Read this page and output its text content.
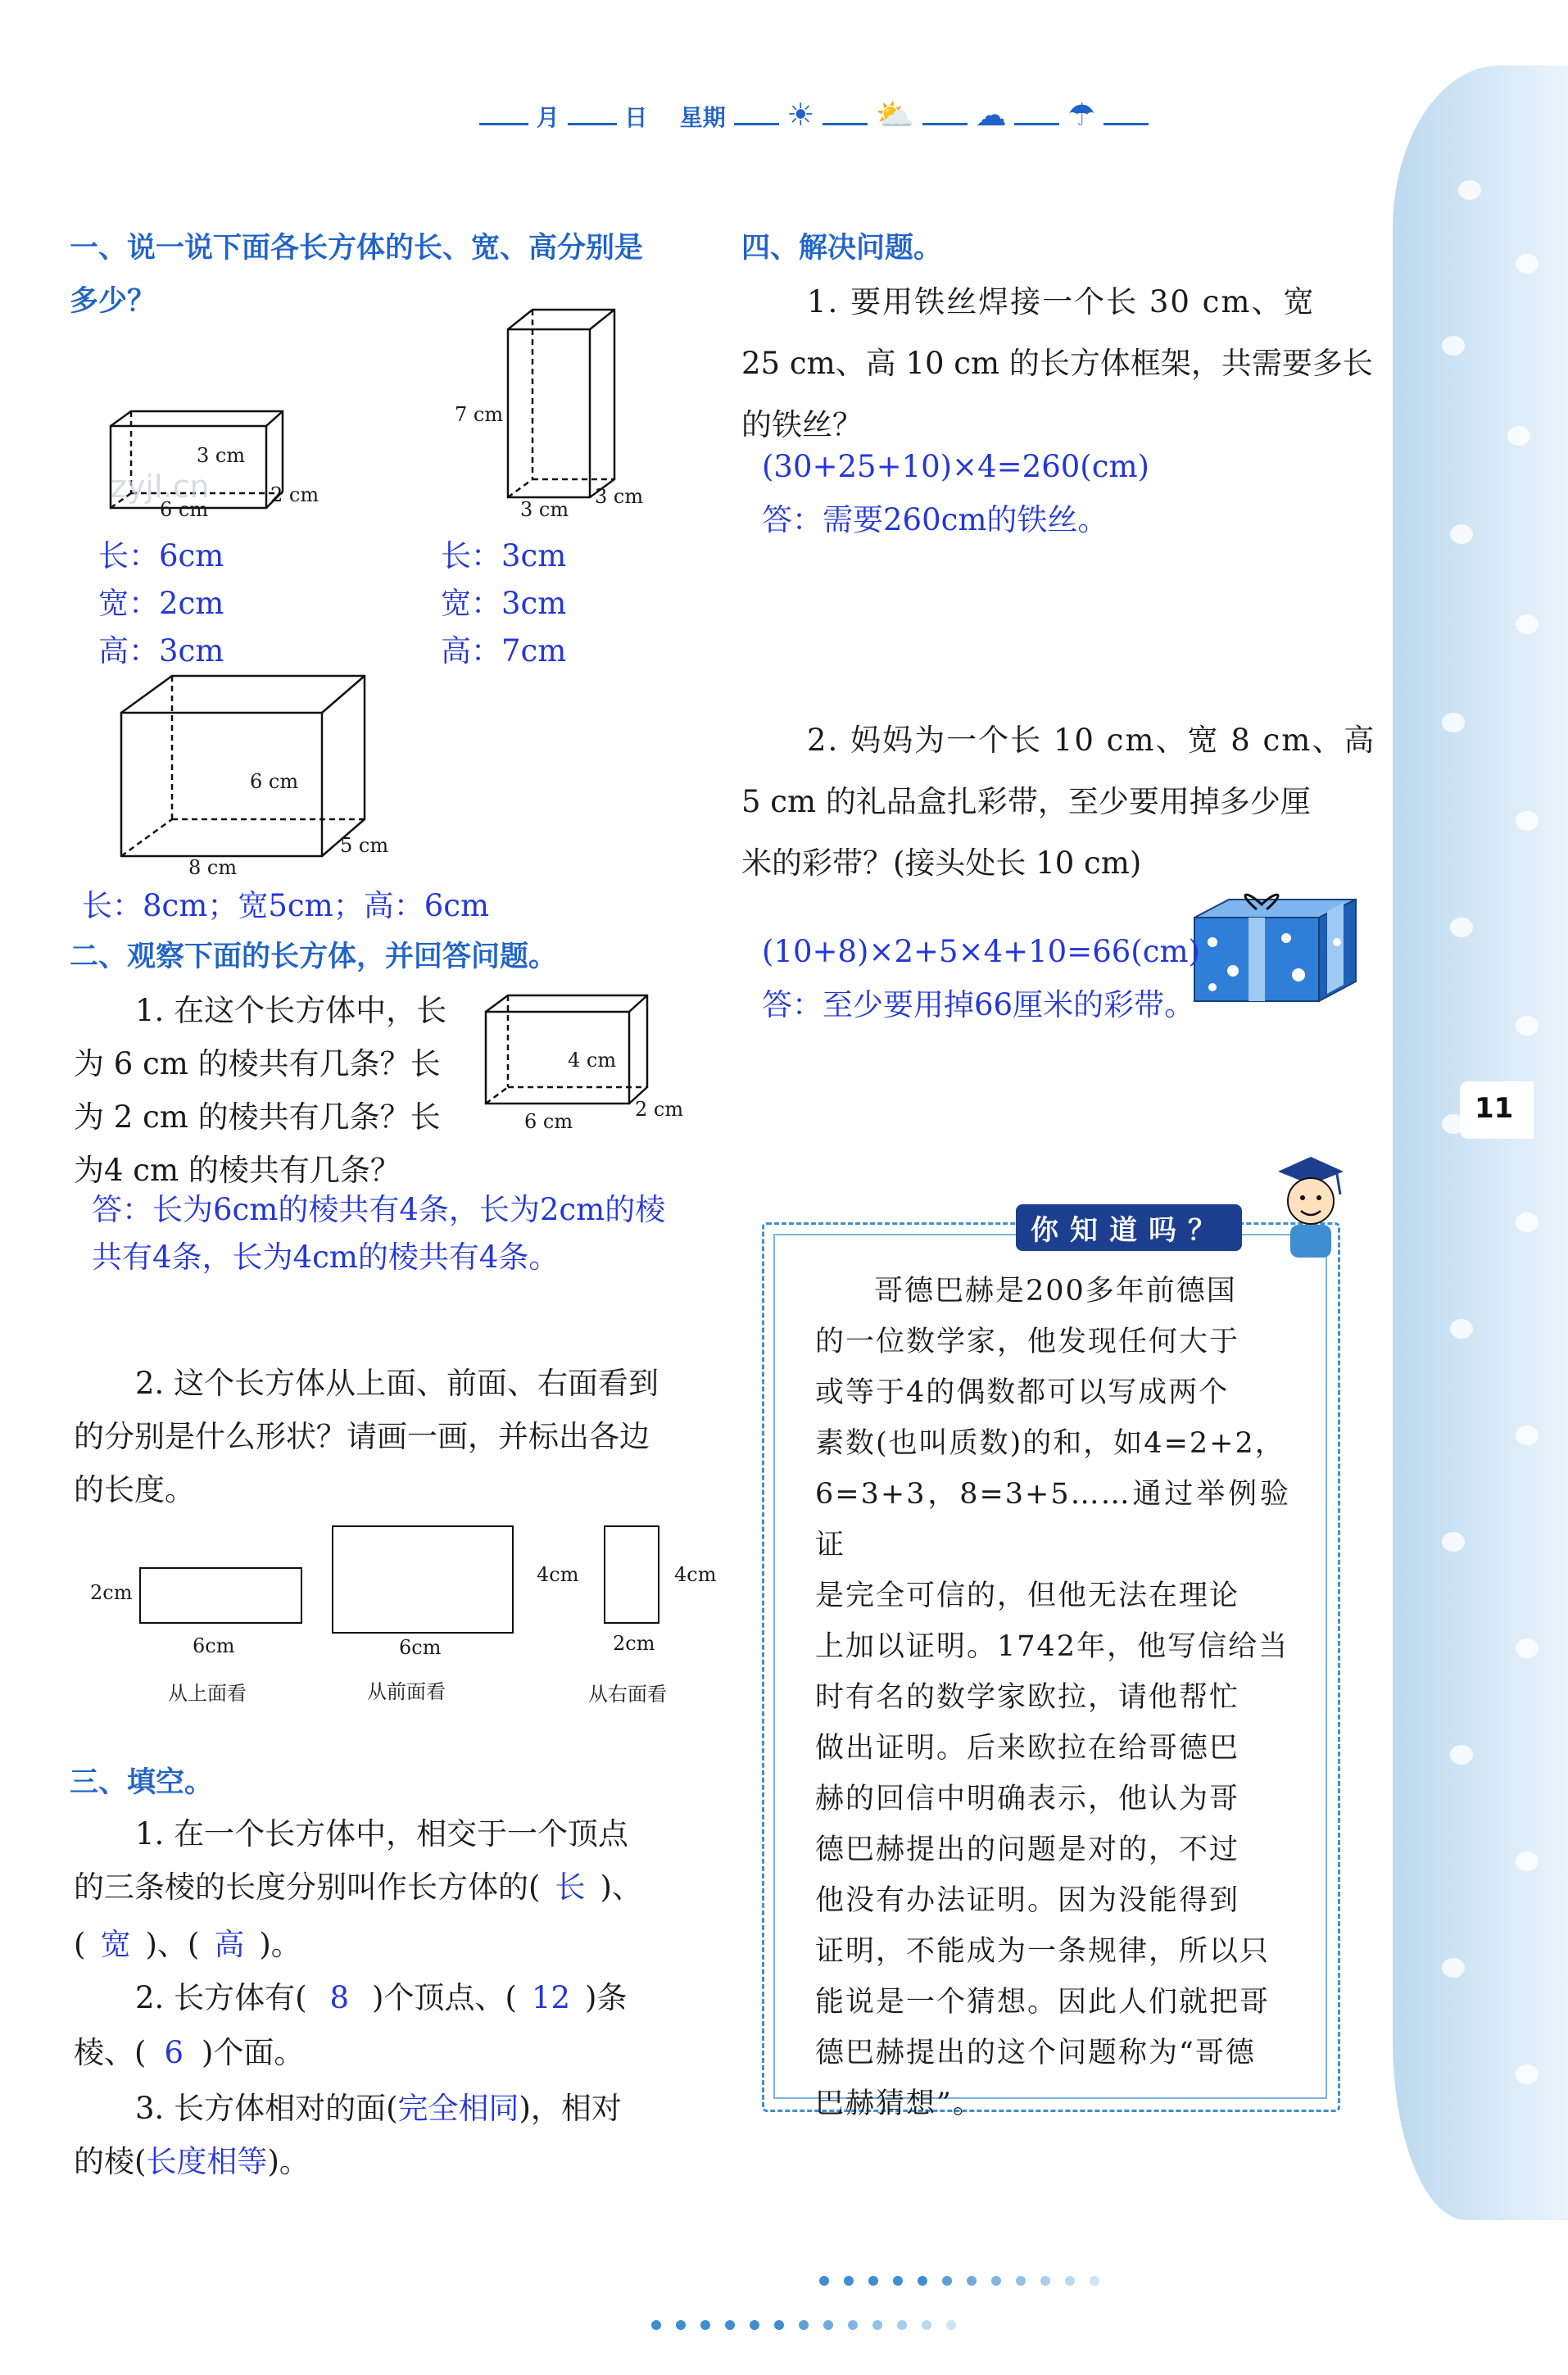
11
月	日 星期 ☀ ⛅ ☁ ☂
一、说一说下面各长方体的长、宽、高分别是
多少？
3 cm
2 cm
6 cm
zyjl.cn
长：6cm
宽：2cm
高：3cm
7 cm
3 cm
3 cm
长：3cm
宽：3cm
高：7cm
6 cm
5 cm
8 cm
长：8cm；宽5cm；高：6cm
二、观察下面的长方体，并回答问题。
1. 在这个长方体中，长
为 6 cm 的棱共有几条？长
为 2 cm 的棱共有几条？长
为4 cm 的棱共有几条？
4 cm
2 cm
6 cm
答：长为6cm的棱共有4条，长为2cm的棱
共有4条，长为4cm的棱共有4条。
2. 这个长方体从上面、前面、右面看到
的分别是什么形状？请画一画，并标出各边
的长度。
2cm
6cm
从上面看
4cm
6cm
从前面看
4cm
2cm
从右面看
三、填空。
1. 在一个长方体中，相交于一个顶点
的三条棱的长度分别叫作长方体的( 长 )、
( 宽 )、( 高 )。
2. 长方体有( 8 )个顶点、( 12 )条
棱、( 6 )个面。
3. 长方体相对的面(完全相同)，相对
的棱(长度相等)。
四、解决问题。
1. 要用铁丝焊接一个长 30 cm、宽
25 cm、高 10 cm 的长方体框架，共需要多长
的铁丝？
(30+25+10)×4=260(cm)
答：需要260cm的铁丝。
2. 妈妈为一个长 10 cm、宽 8 cm、高
5 cm 的礼品盒扎彩带，至少要用掉多少厘
米的彩带？(接头处长 10 cm)
(10+8)×2+5×4+10=66(cm)
答：至少要用掉66厘米的彩带。
你知道吗？
哥德巴赫是200多年前德国
的一位数学家，他发现任何大于
或等于4的偶数都可以写成两个
素数(也叫质数)的和，如4=2+2，
6=3+3，8=3+5……通过举例验证
是完全可信的，但他无法在理论
上加以证明。1742年，他写信给当
时有名的数学家欧拉，请他帮忙
做出证明。后来欧拉在给哥德巴
赫的回信中明确表示，他认为哥
德巴赫提出的问题是对的，不过
他没有办法证明。因为没能得到
证明，不能成为一条规律，所以只
能说是一个猜想。因此人们就把哥
德巴赫提出的这个问题称为“哥德
巴赫猜想”。
